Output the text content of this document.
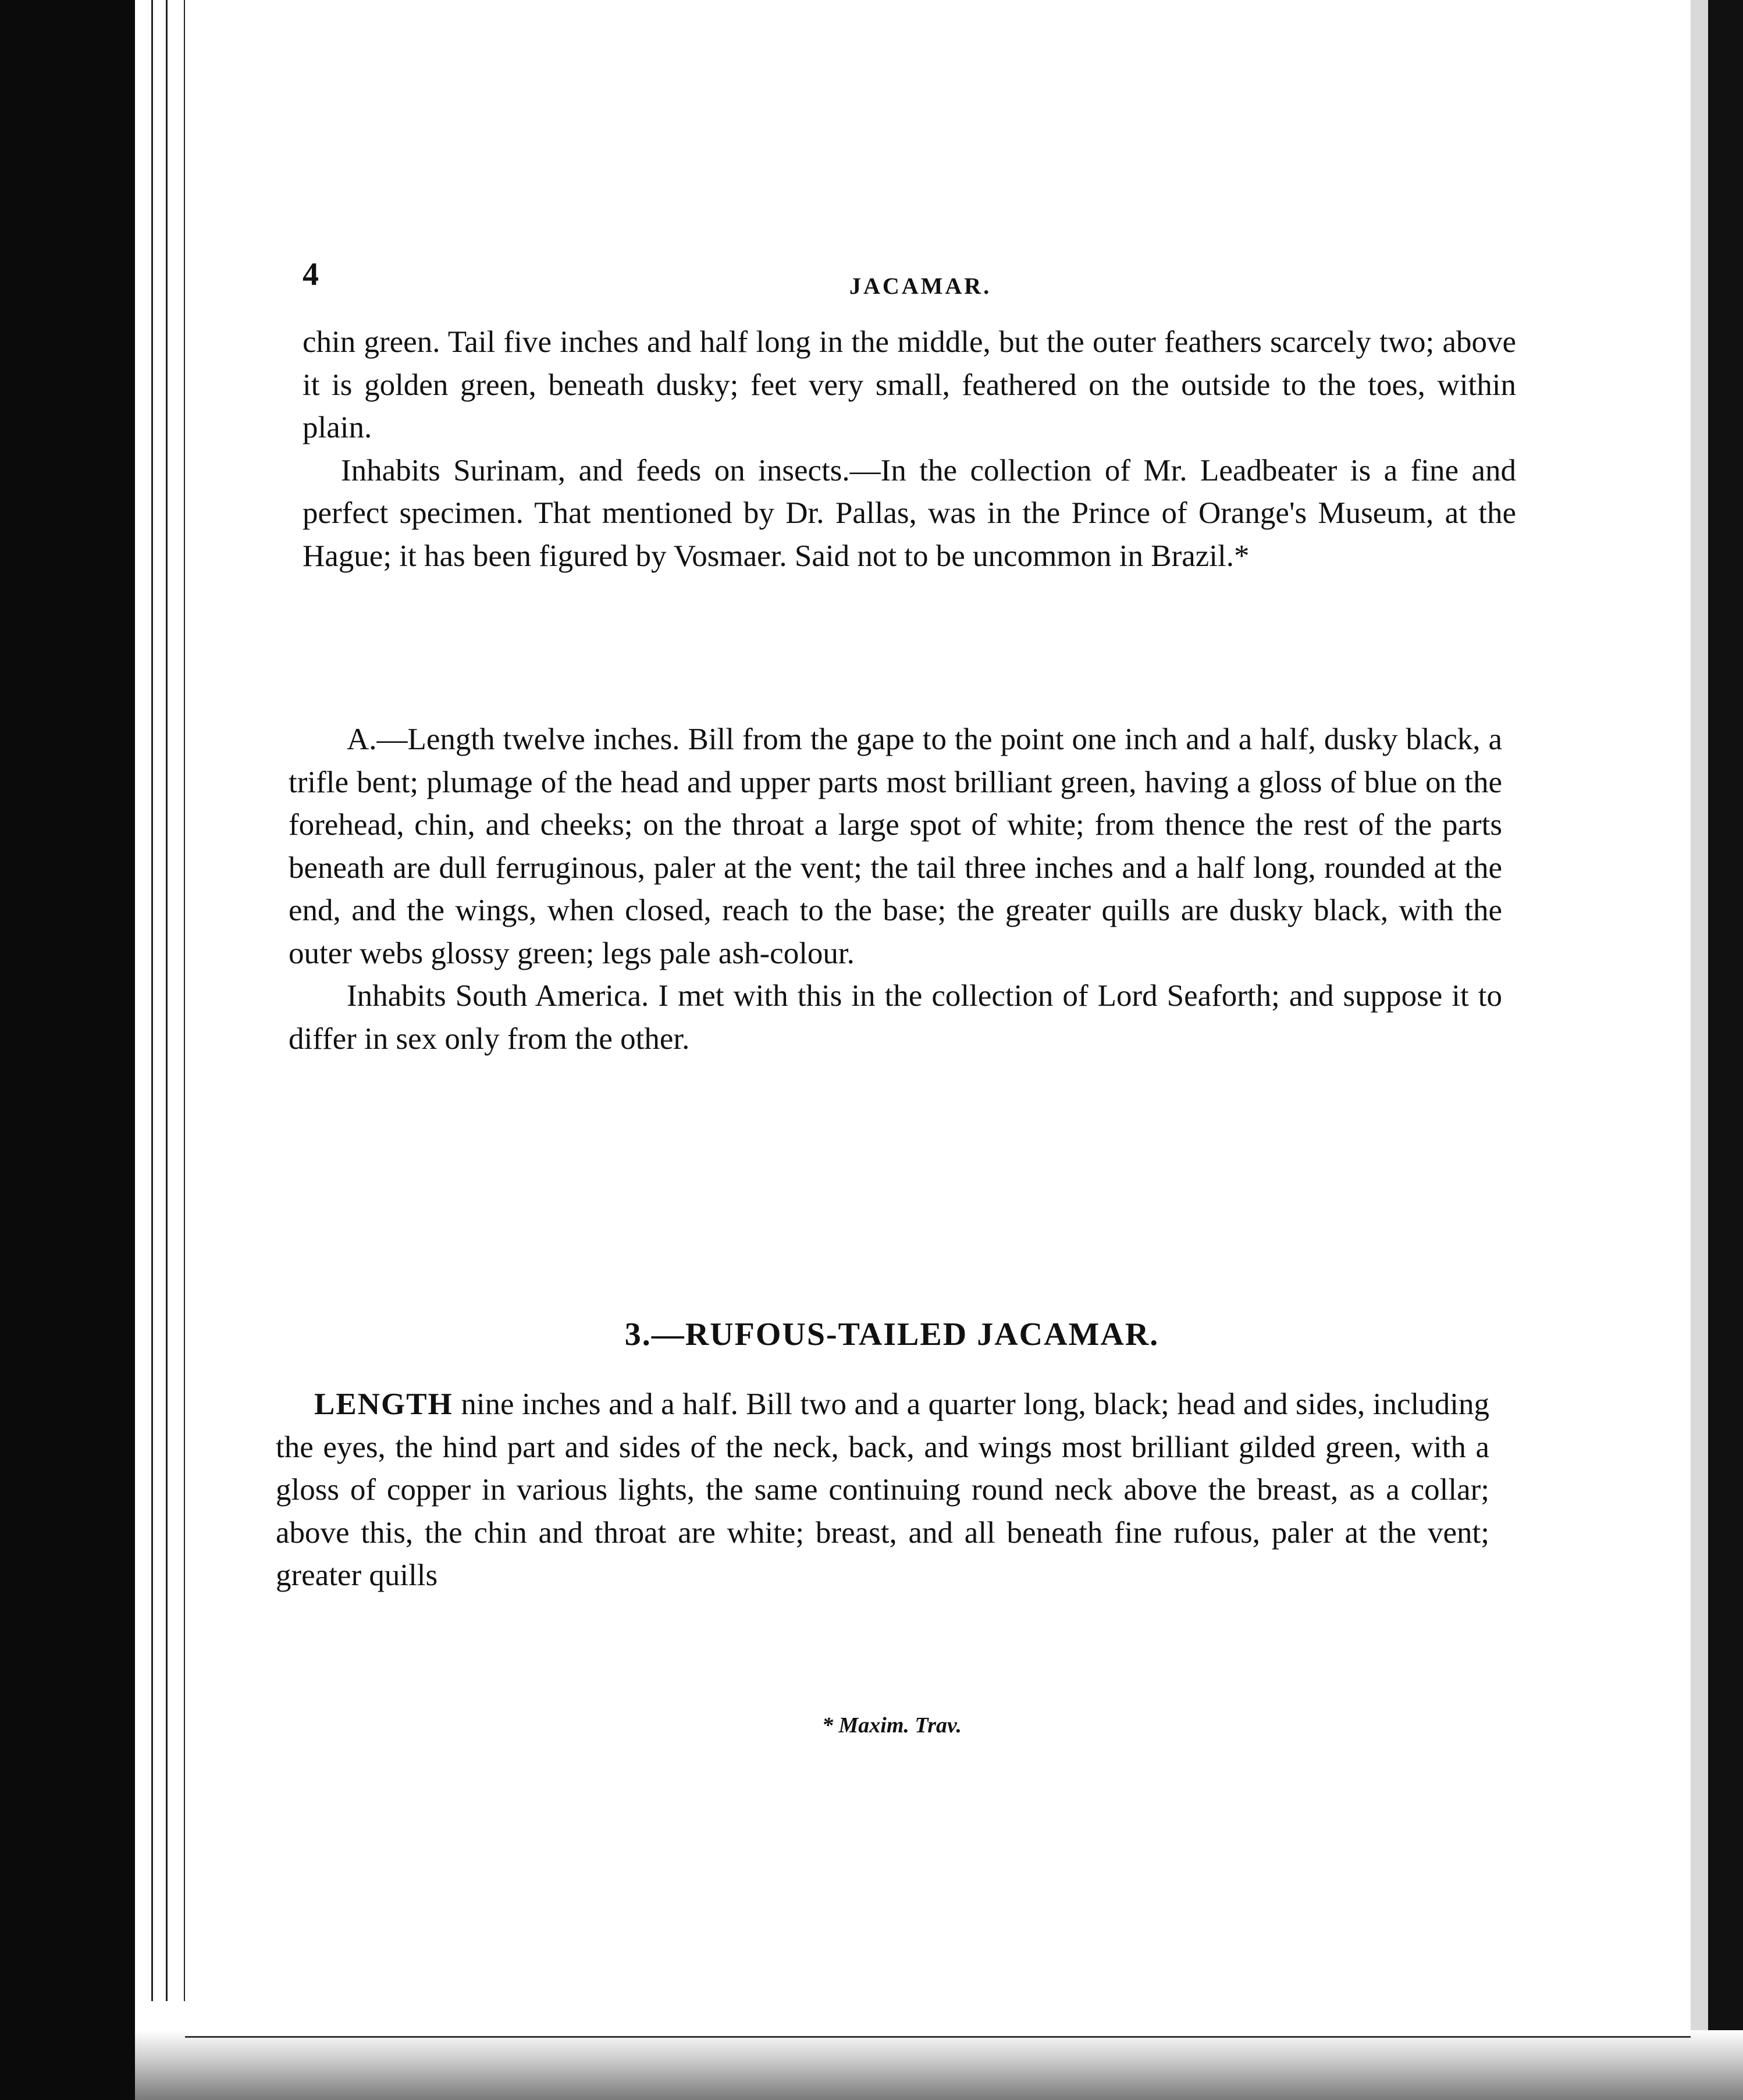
4	JACAMAR.

chin green. Tail five inches and half long in the middle, but the outer feathers scarcely two; above it is golden green, beneath dusky; feet very small, feathered on the outside to the toes, within plain.

Inhabits Surinam, and feeds on insects.—In the collection of Mr. Leadbeater is a fine and perfect specimen. That mentioned by Dr. Pallas, was in the Prince of Orange's Museum, at the Hague; it has been figured by Vosmaer. Said not to be uncommon in Brazil.*

A.—Length twelve inches. Bill from the gape to the point one inch and a half, dusky black, a trifle bent; plumage of the head and upper parts most brilliant green, having a gloss of blue on the forehead, chin, and cheeks; on the throat a large spot of white; from thence the rest of the parts beneath are dull ferruginous, paler at the vent; the tail three inches and a half long, rounded at the end, and the wings, when closed, reach to the base; the greater quills are dusky black, with the outer webs glossy green; legs pale ash-colour.

Inhabits South America. I met with this in the collection of Lord Seaforth; and suppose it to differ in sex only from the other.

3.—RUFOUS-TAILED JACAMAR.

LENGTH nine inches and a half. Bill two and a quarter long, black; head and sides, including the eyes, the hind part and sides of the neck, back, and wings most brilliant gilded green, with a gloss of copper in various lights, the same continuing round neck above the breast, as a collar; above this, the chin and throat are white; breast, and all beneath fine rufous, paler at the vent; greater quills

* Maxim. Trav.
